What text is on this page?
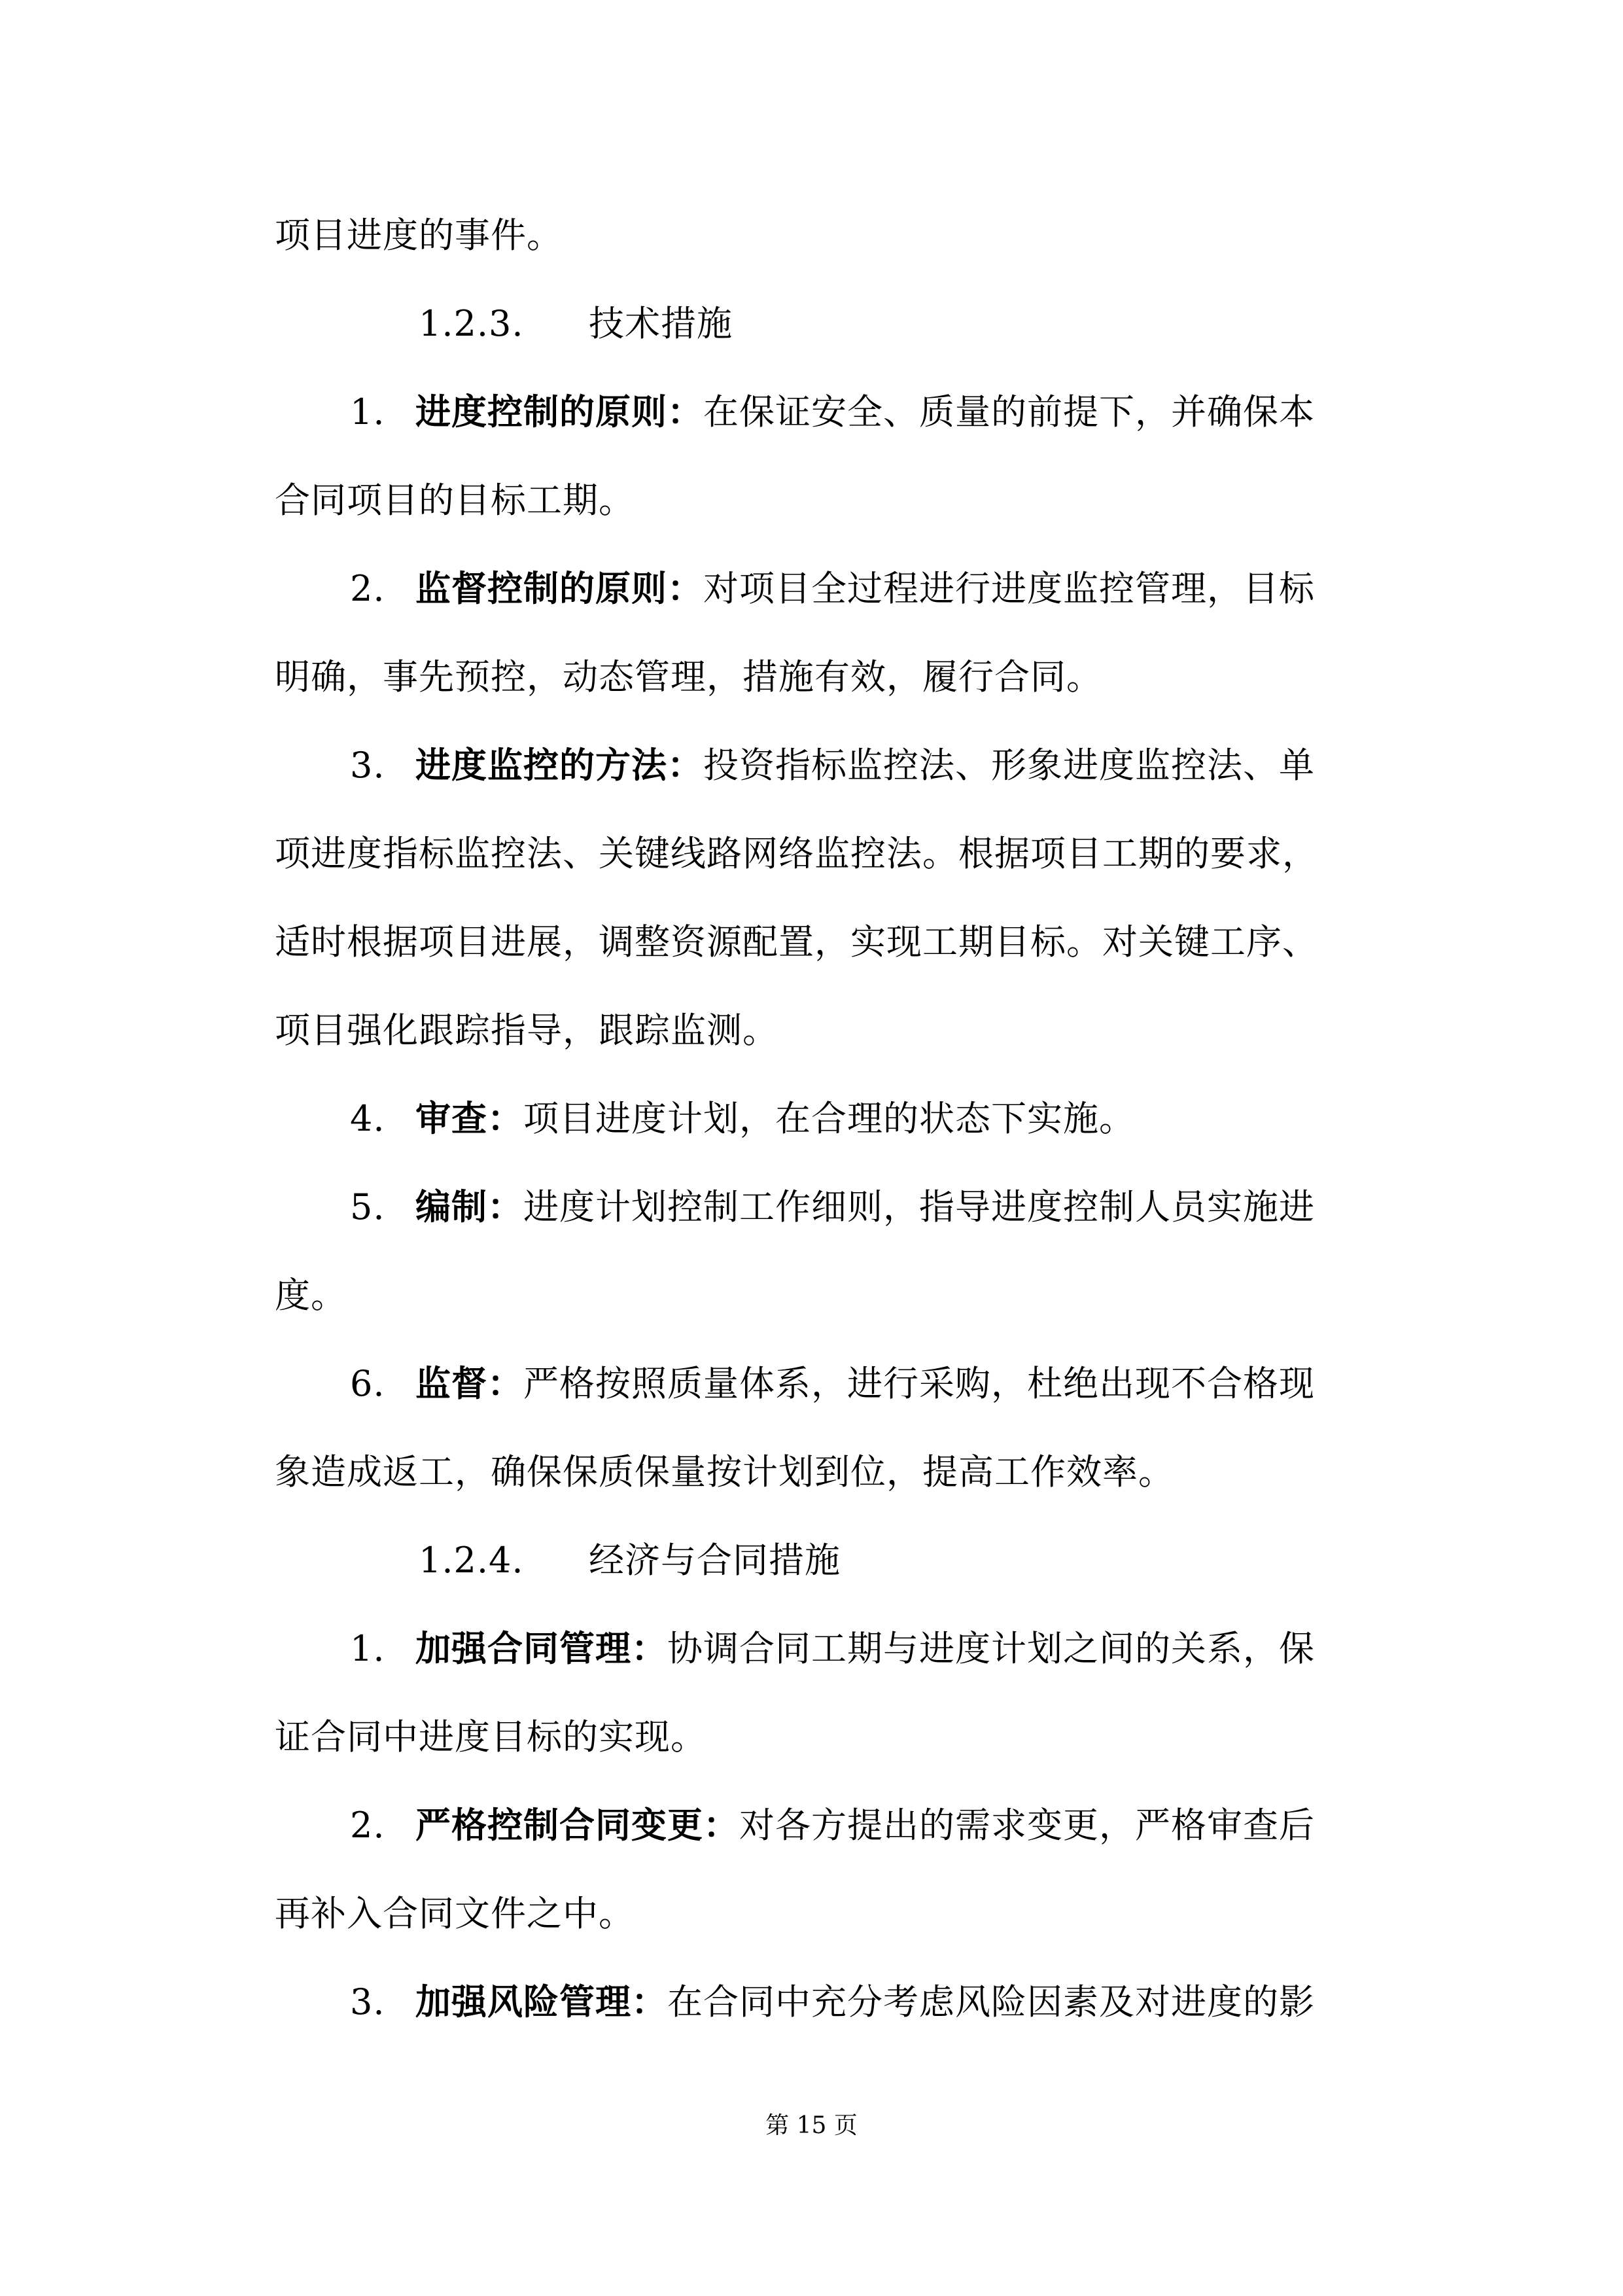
项目进度的事件。
1.2.3. 技术措施
1. 进度控制的原则：在保证安全、质量的前提下，并确保本
合同项目的目标工期。
2. 监督控制的原则：对项目全过程进行进度监控管理，目标
明确，事先预控，动态管理，措施有效，履行合同。
3. 进度监控的方法：投资指标监控法、形象进度监控法、单
项进度指标监控法、关键线路网络监控法。根据项目工期的要求，
适时根据项目进展，调整资源配置，实现工期目标。对关键工序、
项目强化跟踪指导，跟踪监测。
4. 审查：项目进度计划，在合理的状态下实施。
5. 编制：进度计划控制工作细则，指导进度控制人员实施进
度。
6. 监督：严格按照质量体系，进行采购，杜绝出现不合格现
象造成返工，确保保质保量按计划到位，提高工作效率。
1.2.4. 经济与合同措施
1. 加强合同管理：协调合同工期与进度计划之间的关系，保
证合同中进度目标的实现。
2. 严格控制合同变更：对各方提出的需求变更，严格审查后
再补入合同文件之中。
3. 加强风险管理：在合同中充分考虑风险因素及对进度的影
第 15 页
